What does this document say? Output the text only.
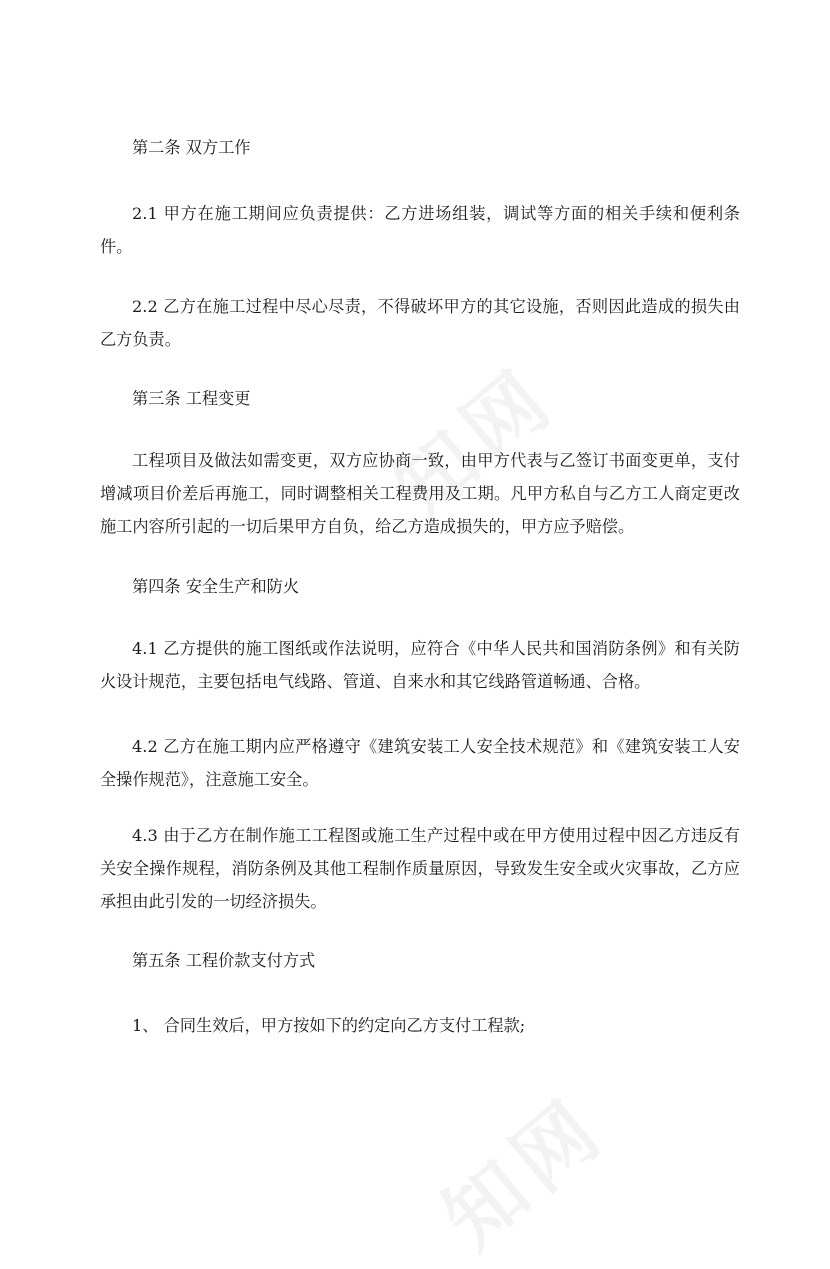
第二条 双方工作

2.1 甲方在施工期间应负责提供：乙方进场组装，调试等方面的相关手续和便利条件。

2.2 乙方在施工过程中尽心尽责，不得破坏甲方的其它设施，否则因此造成的损失由乙方负责。

第三条 工程变更

工程项目及做法如需变更，双方应协商一致，由甲方代表与乙签订书面变更单，支付增减项目价差后再施工，同时调整相关工程费用及工期。凡甲方私自与乙方工人商定更改施工内容所引起的一切后果甲方自负，给乙方造成损失的，甲方应予赔偿。

第四条 安全生产和防火

4.1 乙方提供的施工图纸或作法说明，应符合《中华人民共和国消防条例》和有关防火设计规范，主要包括电气线路、管道、自来水和其它线路管道畅通、合格。

4.2 乙方在施工期内应严格遵守《建筑安装工人安全技术规范》和《建筑安装工人安全操作规范》，注意施工安全。

4.3 由于乙方在制作施工工程图或施工生产过程中或在甲方使用过程中因乙方违反有关安全操作规程，消防条例及其他工程制作质量原因，导致发生安全或火灾事故，乙方应承担由此引发的一切经济损失。

第五条 工程价款支付方式

1、 合同生效后，甲方按如下的约定向乙方支付工程款;
